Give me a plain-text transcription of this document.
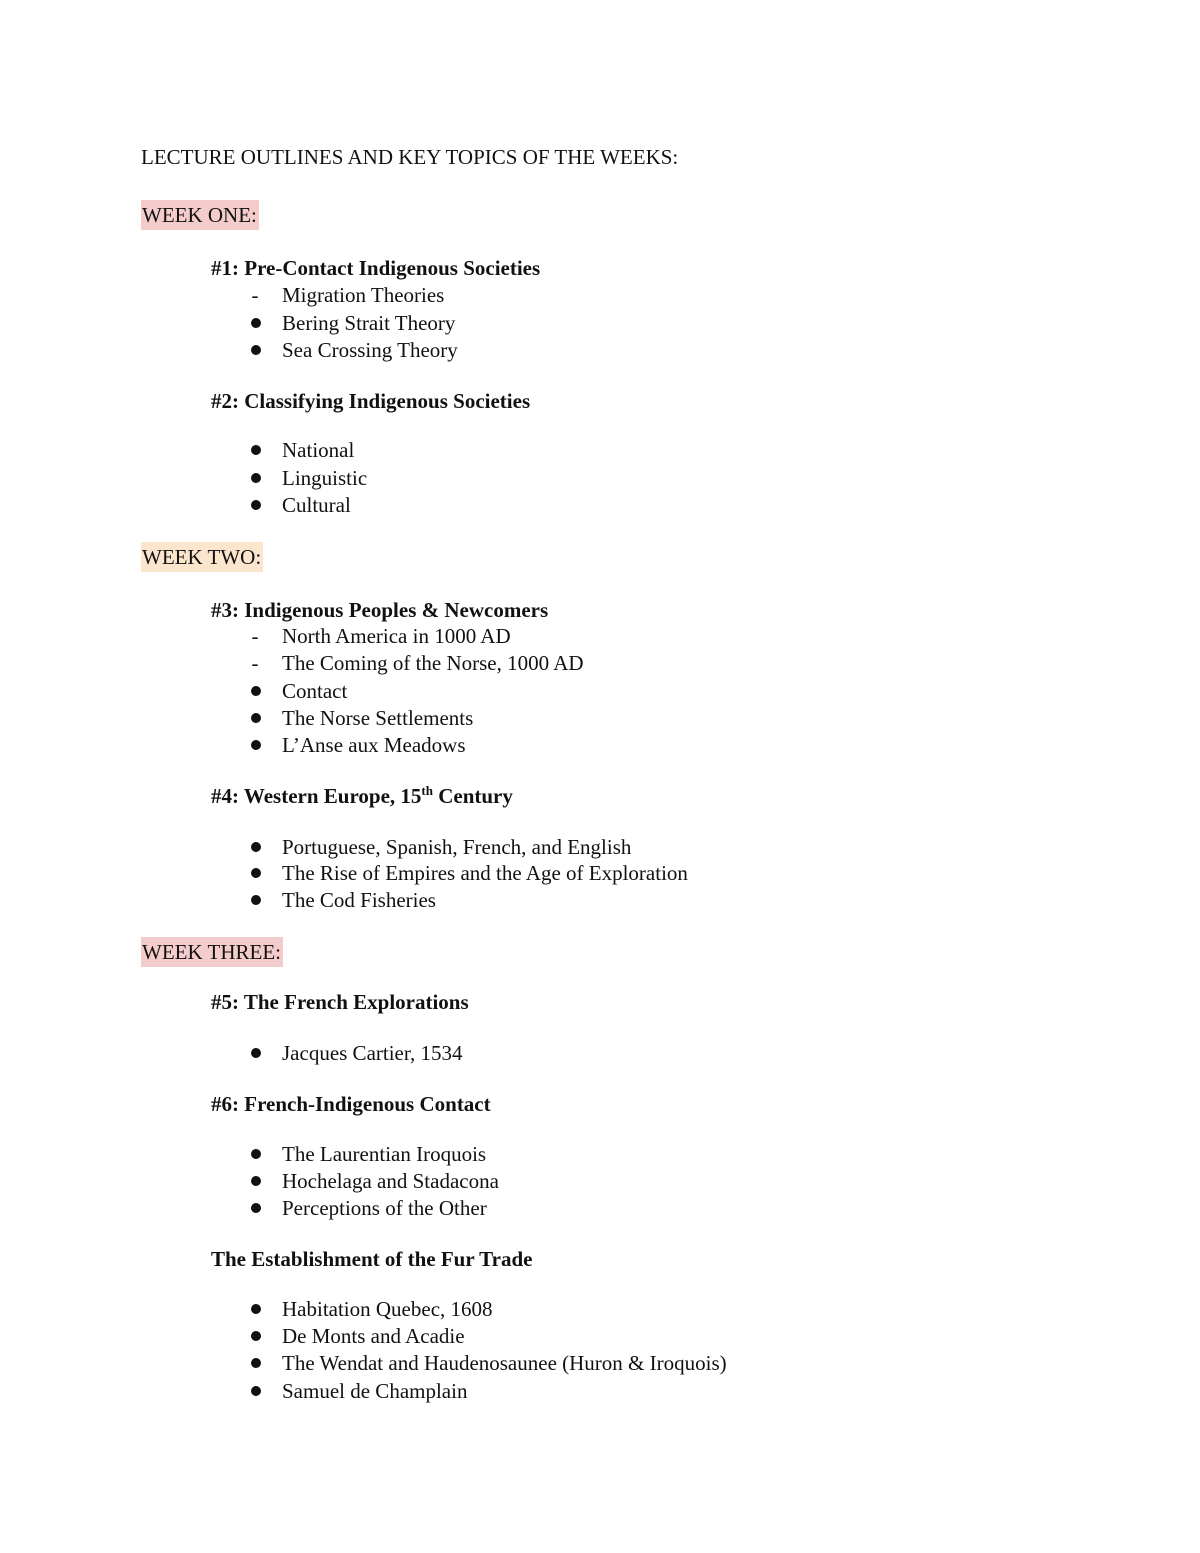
LECTURE OUTLINES AND KEY TOPICS OF THE WEEKS:
WEEK ONE:
#1: Pre-Contact Indigenous Societies
-	Migration Theories
Bering Strait Theory
Sea Crossing Theory
#2: Classifying Indigenous Societies
National
Linguistic
Cultural
WEEK TWO:
#3: Indigenous Peoples & Newcomers
-	North America in 1000 AD
-	The Coming of the Norse, 1000 AD
Contact
The Norse Settlements
L’Anse aux Meadows
#4: Western Europe, 15th Century
Portuguese, Spanish, French, and English
The Rise of Empires and the Age of Exploration
The Cod Fisheries
WEEK THREE:
#5: The French Explorations
Jacques Cartier, 1534
#6: French-Indigenous Contact
The Laurentian Iroquois
Hochelaga and Stadacona
Perceptions of the Other
The Establishment of the Fur Trade
Habitation Quebec, 1608
De Monts and Acadie
The Wendat and Haudenosaunee (Huron & Iroquois)
Samuel de Champlain
